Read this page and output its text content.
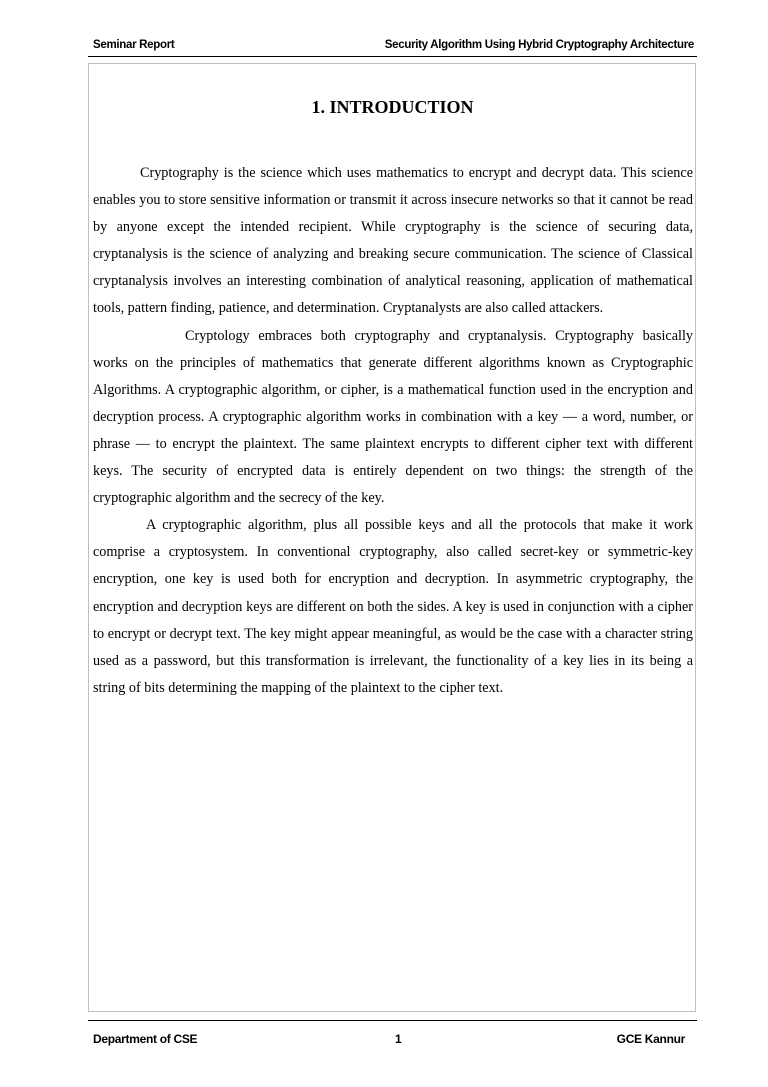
Seminar Report	Security Algorithm Using Hybrid Cryptography Architecture
1. INTRODUCTION

Cryptography is the science which uses mathematics to encrypt and decrypt data. This science enables you to store sensitive information or transmit it across insecure networks so that it cannot be read by anyone except the intended recipient. While cryptography is the science of securing data, cryptanalysis is the science of analyzing and breaking secure communication. The science of Classical cryptanalysis involves an interesting combination of analytical reasoning, application of mathematical tools, pattern finding, patience, and determination. Cryptanalysts are also called attackers.

Cryptology embraces both cryptography and cryptanalysis. Cryptography basically works on the principles of mathematics that generate different algorithms known as Cryptographic Algorithms. A cryptographic algorithm, or cipher, is a mathematical function used in the encryption and decryption process. A cryptographic algorithm works in combination with a key — a word, number, or phrase — to encrypt the plaintext. The same plaintext encrypts to different cipher text with different keys. The security of encrypted data is entirely dependent on two things: the strength of the cryptographic algorithm and the secrecy of the key.

A cryptographic algorithm, plus all possible keys and all the protocols that make it work comprise a cryptosystem. In conventional cryptography, also called secret-key or symmetric-key encryption, one key is used both for encryption and decryption. In asymmetric cryptography, the encryption and decryption keys are different on both the sides. A key is used in conjunction with a cipher to encrypt or decrypt text. The key might appear meaningful, as would be the case with a character string used as a password, but this transformation is irrelevant, the functionality of a key lies in its being a string of bits determining the mapping of the plaintext to the cipher text.

Department of CSE	1	GCE Kannur
